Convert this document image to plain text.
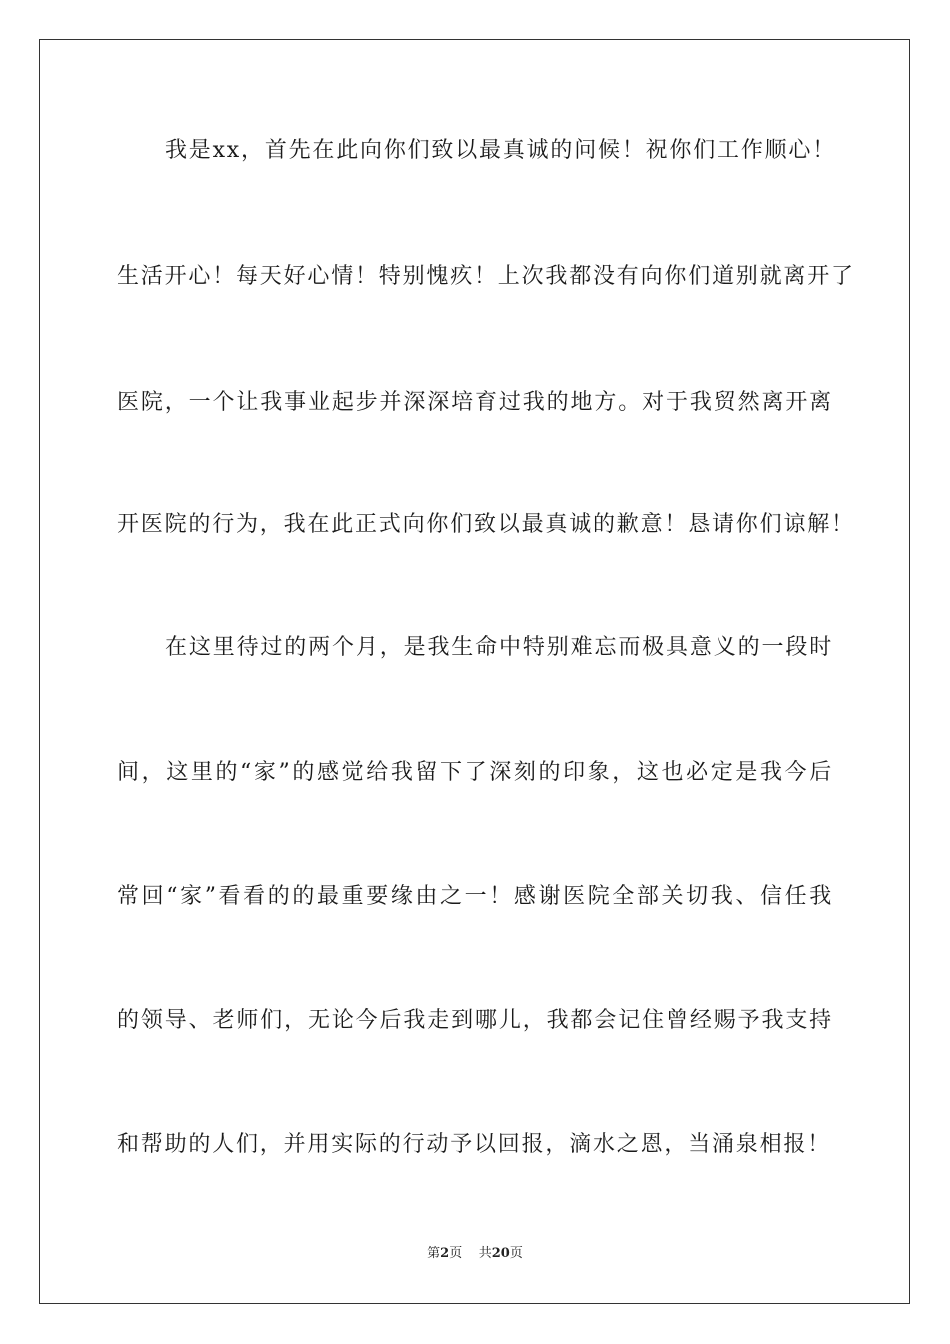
我是xx，首先在此向你们致以最真诚的问候！祝你们工作顺心！
生活开心！每天好心情！特别愧疚！上次我都没有向你们道别就离开了
医院，一个让我事业起步并深深培育过我的地方。对于我贸然离开离
开医院的行为，我在此正式向你们致以最真诚的歉意！恳请你们谅解！
在这里待过的两个月，是我生命中特别难忘而极具意义的一段时
间，这里的“家”的感觉给我留下了深刻的印象，这也必定是我今后
常回“家”看看的的最重要缘由之一！感谢医院全部关切我、信任我
的领导、老师们，无论今后我走到哪儿，我都会记住曾经赐予我支持
和帮助的人们，并用实际的行动予以回报，滴水之恩，当涌泉相报！
第2页 共20页
